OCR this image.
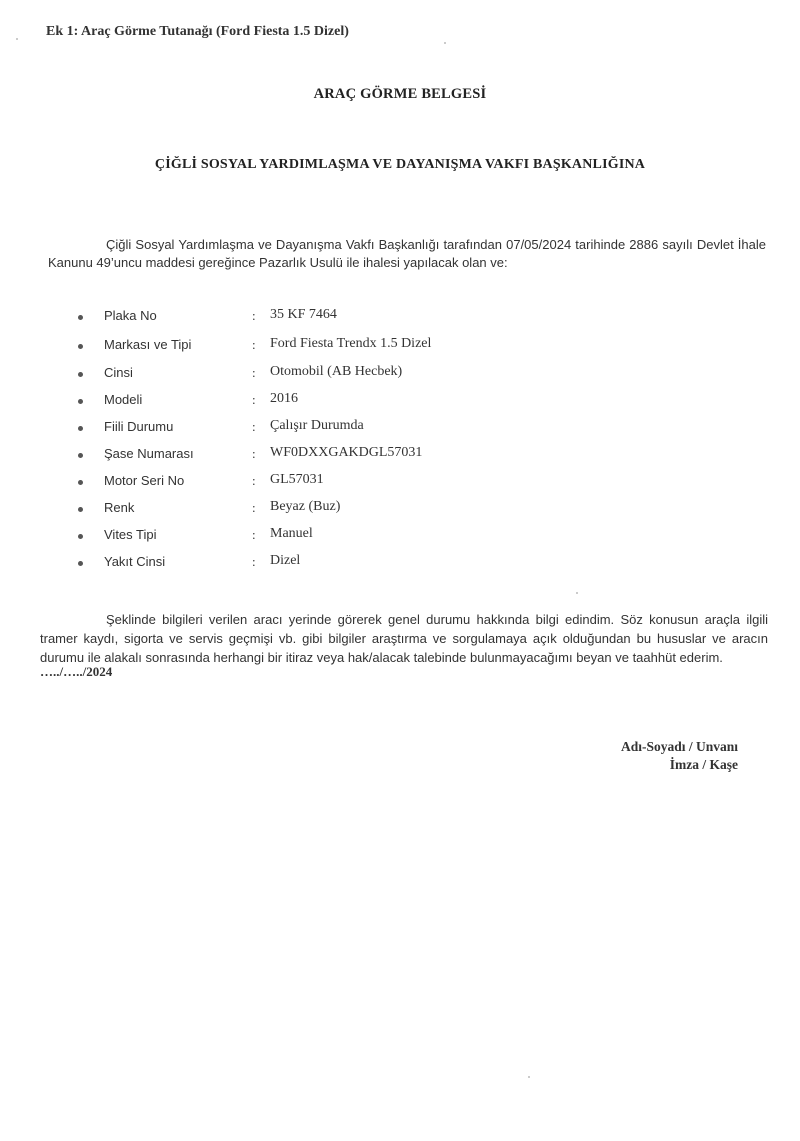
Ek 1: Araç Görme Tutanağı (Ford Fiesta 1.5 Dizel)
ARAÇ GÖRME BELGESİ
ÇİĞLİ SOSYAL YARDIMLAŞMA VE DAYANIŞMA VAKFI BAŞKANLIĞINA
Çiğli Sosyal Yardımlaşma ve Dayanışma Vakfı Başkanlığı tarafından 07/05/2024 tarihinde 2886 sayılı Devlet İhale Kanunu 49’uncu maddesi gereğince Pazarlık Usulü ile ihalesi yapılacak olan ve:
Plaka No	: 35 KF 7464
Markası ve Tipi	: Ford Fiesta Trendx 1.5 Dizel
Cinsi	: Otomobil (AB Hecbek)
Modeli	: 2016
Fiili Durumu	: Çalışır Durumda
Şase Numarası	: WF0DXXGAKDGL57031
Motor Seri No	: GL57031
Renk	: Beyaz (Buz)
Vites Tipi	: Manuel
Yakıt Cinsi	: Dizel
Şeklinde bilgileri verilen aracı yerinde görerek genel durumu hakkında bilgi edindim. Söz konusun araçla ilgili tramer kaydı, sigorta ve servis geçmişi vb. gibi bilgiler araştırma ve sorgulamaya açık olduğundan bu hususlar ve aracın durumu ile alakalı sonrasında herhangi bir itiraz veya hak/alacak talebinde bulunmayacağımı beyan ve taahhüt ederim.
…../…../2024
Adı-Soyadı / Unvanı
İmza / Kaşe
